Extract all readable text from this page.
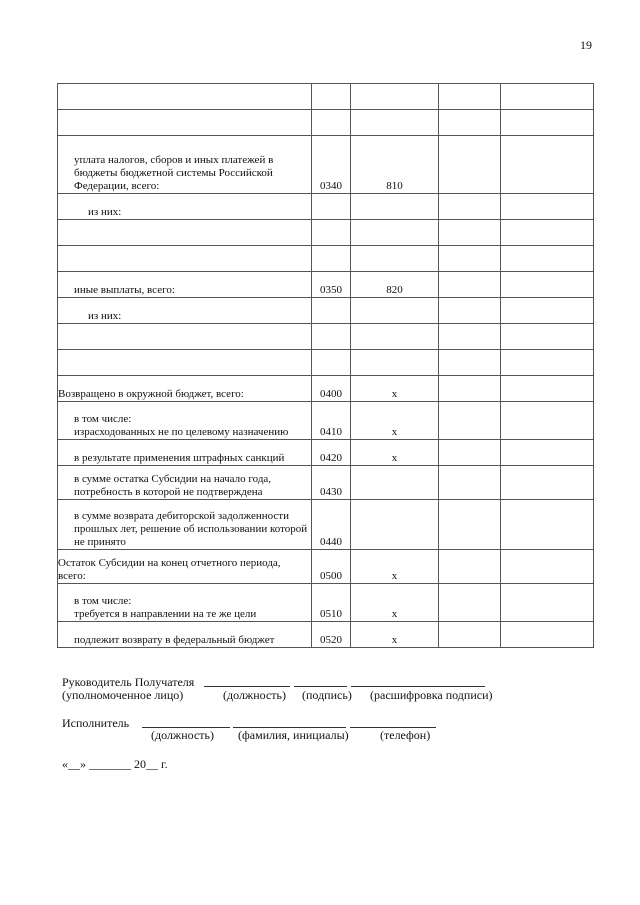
19

уплата налогов, сборов и иных платежей в бюджеты бюджетной системы Российской Федерации, всего:	0340	810		

из них:				

иные выплаты, всего:	0350	820		

из них:				

Возвращено в окружной бюджет, всего:	0400	x		

в том числе:
израсходованных не по целевому назначению	0410	x		

в результате применения штрафных санкций	0420	x		

в сумме остатка Субсидии на начало года, потребность в которой не подтверждена	0430			

в сумме возврата дебиторской задолженности прошлых лет, решение об использовании которой не принято	0440			

Остаток Субсидии на конец отчетного периода, всего:	0500	x		

в том числе:
требуется в направлении на те же цели	0510	x		

подлежит возврату в федеральный бюджет	0520	x		
Руководитель Получателя
(уполномоченное лицо)	(должность) (подпись) (расшифровка подписи)
Исполнитель
(должность) (фамилия, инициалы)	(телефон)
«__» _______ 20__ г.
